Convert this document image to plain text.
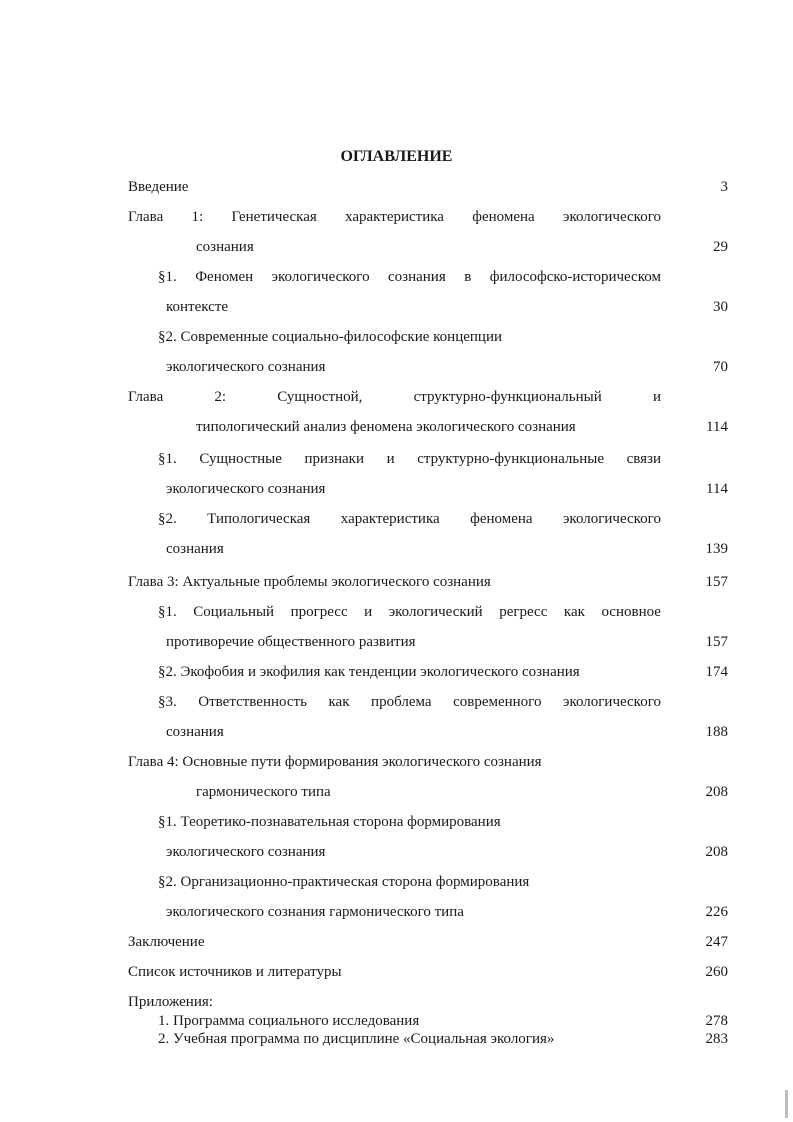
ОГЛАВЛЕНИЕ
Введение	3
Глава 1: Генетическая характеристика феномена экологического
сознания	29
§1. Феномен экологического сознания в философско-историческом
контексте	30
§2. Современные социально-философские концепции
экологического сознания	70
Глава	2:	Сущностной,	структурно-функциональный	и
типологический анализ феномена экологического сознания	114
§1. Сущностные признаки и структурно-функциональные связи
экологического сознания	114
§2. Типологическая характеристика феномена экологического
сознания	139
Глава 3: Актуальные проблемы экологического сознания	157
§1. Социальный прогресс и экологический регресс как основное
противоречие общественного развития	157
§2. Экофобия и экофилия как тенденции экологического сознания	174
§3. Ответственность как проблема современного экологического
сознания	188
Глава 4: Основные пути формирования экологического сознания
гармонического типа	208
§1. Теоретико-познавательная сторона формирования
экологического сознания	208
§2. Организационно-практическая сторона формирования
экологического сознания гармонического типа	226
Заключение	247
Список источников и литературы	260
Приложения:
1. Программа социального исследования	278
2. Учебная программа по дисциплине «Социальная экология»	283
